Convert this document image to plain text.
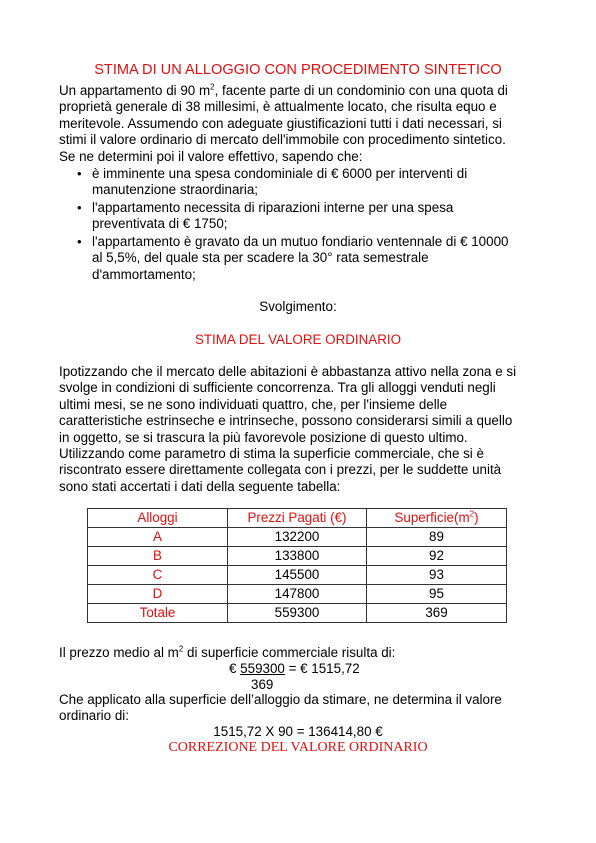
STIMA DI UN ALLOGGIO CON PROCEDIMENTO SINTETICO
Un appartamento di 90 $m^2$, facente parte di un condominio con una quota di
proprietà generale di 38 millesimi, è attualmente locato, che risulta equo e
meritevole. Assumendo con adeguate giustificazioni tutti i dati necessari, si
stimi il valore ordinario di mercato dell'immobile con procedimento sintetico.
Se ne determini poi il valore effettivo, sapendo che:
• è imminente una spesa condominiale di € 6000 per interventi di
manutenzione straordinaria;
• l'appartamento necessita di riparazioni interne per una spesa
preventivata di € 1750;
• l'appartamento è gravato da un mutuo fondiario ventennale di € 10000
al 5,5%, del quale sta per scadere la 30° rata semestrale
d'ammortamento;
Svolgimento:
STIMA DEL VALORE ORDINARIO
Ipotizzando che il mercato delle abitazioni è abbastanza attivo nella zona e si
svolge in condizioni di sufficiente concorrenza. Tra gli alloggi venduti negli
ultimi mesi, se ne sono individuati quattro, che, per l'insieme delle
caratteristiche estrinseche e intrinseche, possono considerarsi simili a quello
in oggetto, se si trascura la più favorevole posizione di questo ultimo.
Utilizzando come parametro di stima la superficie commerciale, che si è
riscontrato essere direttamente collegata con i prezzi, per le suddette unità
sono stati accertati i dati della seguente tabella:
Alloggi	Prezzi Pagati (€)	$Superficie(m^2)$
A	132200	89
B	133800	92
C	145500	93
D	147800	95
Totale	559300	369
Il prezzo medio al $m^2$ di superficie commerciale risulta di:
€ 559300 = € 1515,72
369
Che applicato alla superficie dell’alloggio da stimare, ne determina il valore
ordinario di:
1515,72 X 90 = 136414,80 €
CORREZIONE DEL VALORE ORDINARIO
